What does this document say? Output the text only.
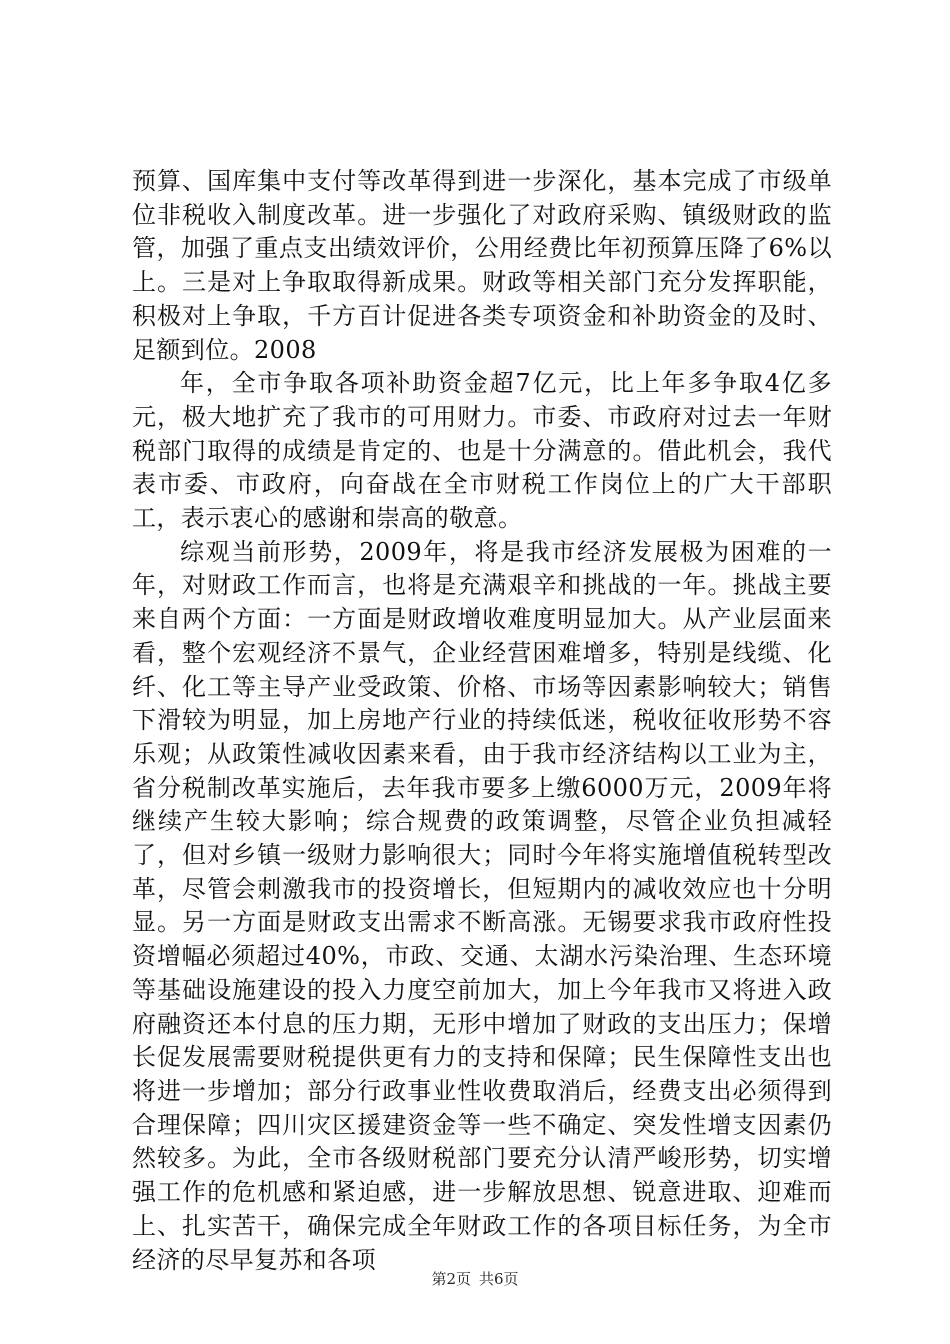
预算、国库集中支付等改革得到进一步深化，基本完成了市级单位非税收入制度改革。进一步强化了对政府采购、镇级财政的监管，加强了重点支出绩效评价，公用经费比年初预算压降了6%以上。三是对上争取取得新成果。财政等相关部门充分发挥职能，积极对上争取，千方百计促进各类专项资金和补助资金的及时、足额到位。2008

年，全市争取各项补助资金超7亿元，比上年多争取4亿多元，极大地扩充了我市的可用财力。市委、市政府对过去一年财税部门取得的成绩是肯定的、也是十分满意的。借此机会，我代表市委、市政府，向奋战在全市财税工作岗位上的广大干部职工，表示衷心的感谢和崇高的敬意。

综观当前形势，2009年，将是我市经济发展极为困难的一年，对财政工作而言，也将是充满艰辛和挑战的一年。挑战主要来自两个方面：一方面是财政增收难度明显加大。从产业层面来看，整个宏观经济不景气，企业经营困难增多，特别是线缆、化纤、化工等主导产业受政策、价格、市场等因素影响较大；销售下滑较为明显，加上房地产行业的持续低迷，税收征收形势不容乐观；从政策性减收因素来看，由于我市经济结构以工业为主，省分税制改革实施后，去年我市要多上缴6000万元，2009年将继续产生较大影响；综合规费的政策调整，尽管企业负担减轻了，但对乡镇一级财力影响很大；同时今年将实施增值税转型改革，尽管会刺激我市的投资增长，但短期内的减收效应也十分明显。另一方面是财政支出需求不断高涨。无锡要求我市政府性投资增幅必须超过40%，市政、交通、太湖水污染治理、生态环境等基础设施建设的投入力度空前加大，加上今年我市又将进入政府融资还本付息的压力期，无形中增加了财政的支出压力；保增长促发展需要财税提供更有力的支持和保障；民生保障性支出也将进一步增加；部分行政事业性收费取消后，经费支出必须得到合理保障；四川灾区援建资金等一些不确定、突发性增支因素仍然较多。为此，全市各级财税部门要充分认清严峻形势，切实增强工作的危机感和紧迫感，进一步解放思想、锐意进取、迎难而上、扎实苦干，确保完成全年财政工作的各项目标任务，为全市经济的尽早复苏和各项

第2页 共6页
